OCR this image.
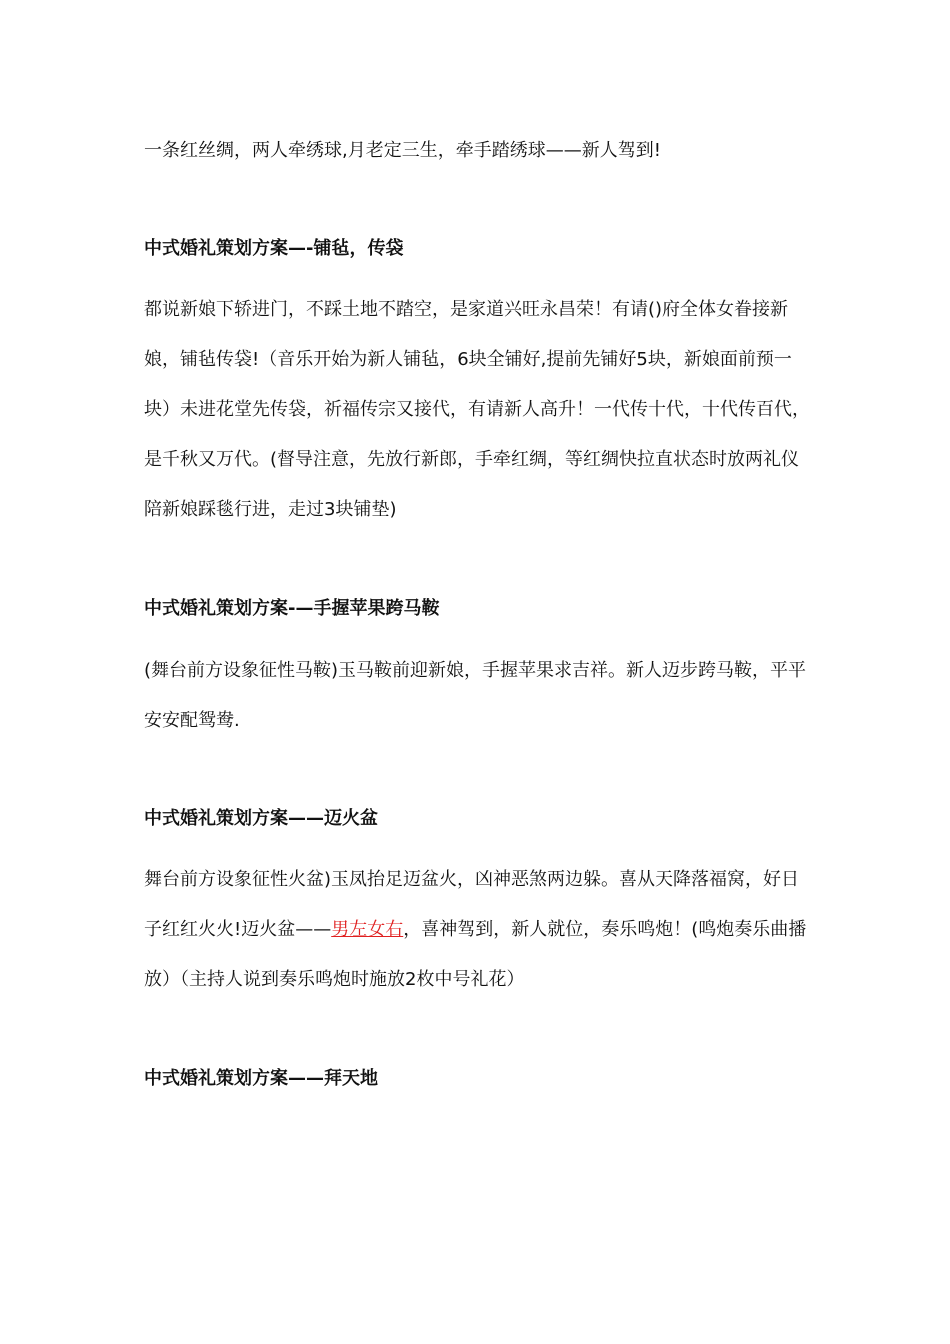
一条红丝绸，两人牵绣球,月老定三生，牵手踏绣球——新人驾到!

中式婚礼策划方案—-铺毡，传袋

都说新娘下轿进门，不踩土地不踏空，是家道兴旺永昌荣！有请()府全体女眷接新娘，铺毡传袋!（音乐开始为新人铺毡，6块全铺好,提前先铺好5块，新娘面前预一块）未进花堂先传袋，祈福传宗又接代，有请新人高升！一代传十代，十代传百代，是千秋又万代。(督导注意，先放行新郎，手牵红绸，等红绸快拉直状态时放两礼仪陪新娘踩毯行进，走过3块铺垫)

中式婚礼策划方案-—手握苹果跨马鞍

(舞台前方设象征性马鞍)玉马鞍前迎新娘，手握苹果求吉祥。新人迈步跨马鞍，平平安安配鸳鸯.

中式婚礼策划方案——迈火盆

舞台前方设象征性火盆)玉凤抬足迈盆火，凶神恶煞两边躲。喜从天降落福窝，好日子红红火火!迈火盆——男左女右，喜神驾到，新人就位，奏乐鸣炮！(鸣炮奏乐曲播放）（主持人说到奏乐鸣炮时施放2枚中号礼花）

中式婚礼策划方案——拜天地
